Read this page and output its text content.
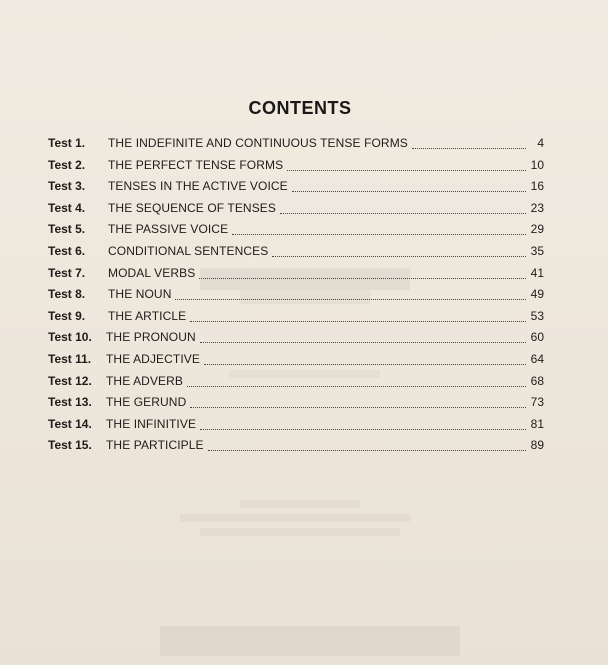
CONTENTS
Test 1.	THE INDEFINITE AND CONTINUOUS TENSE FORMS	4
Test 2.	THE PERFECT TENSE FORMS	10
Test 3.	TENSES IN THE ACTIVE VOICE	16
Test 4.	THE SEQUENCE OF TENSES	23
Test 5.	THE PASSIVE VOICE	29
Test 6.	CONDITIONAL SENTENCES	35
Test 7.	MODAL VERBS	41
Test 8.	THE NOUN	49
Test 9.	THE ARTICLE	53
Test 10.	THE PRONOUN	60
Test 11.	THE ADJECTIVE	64
Test 12.	THE ADVERB	68
Test 13.	THE GERUND	73
Test 14.	THE INFINITIVE	81
Test 15.	THE PARTICIPLE	89
